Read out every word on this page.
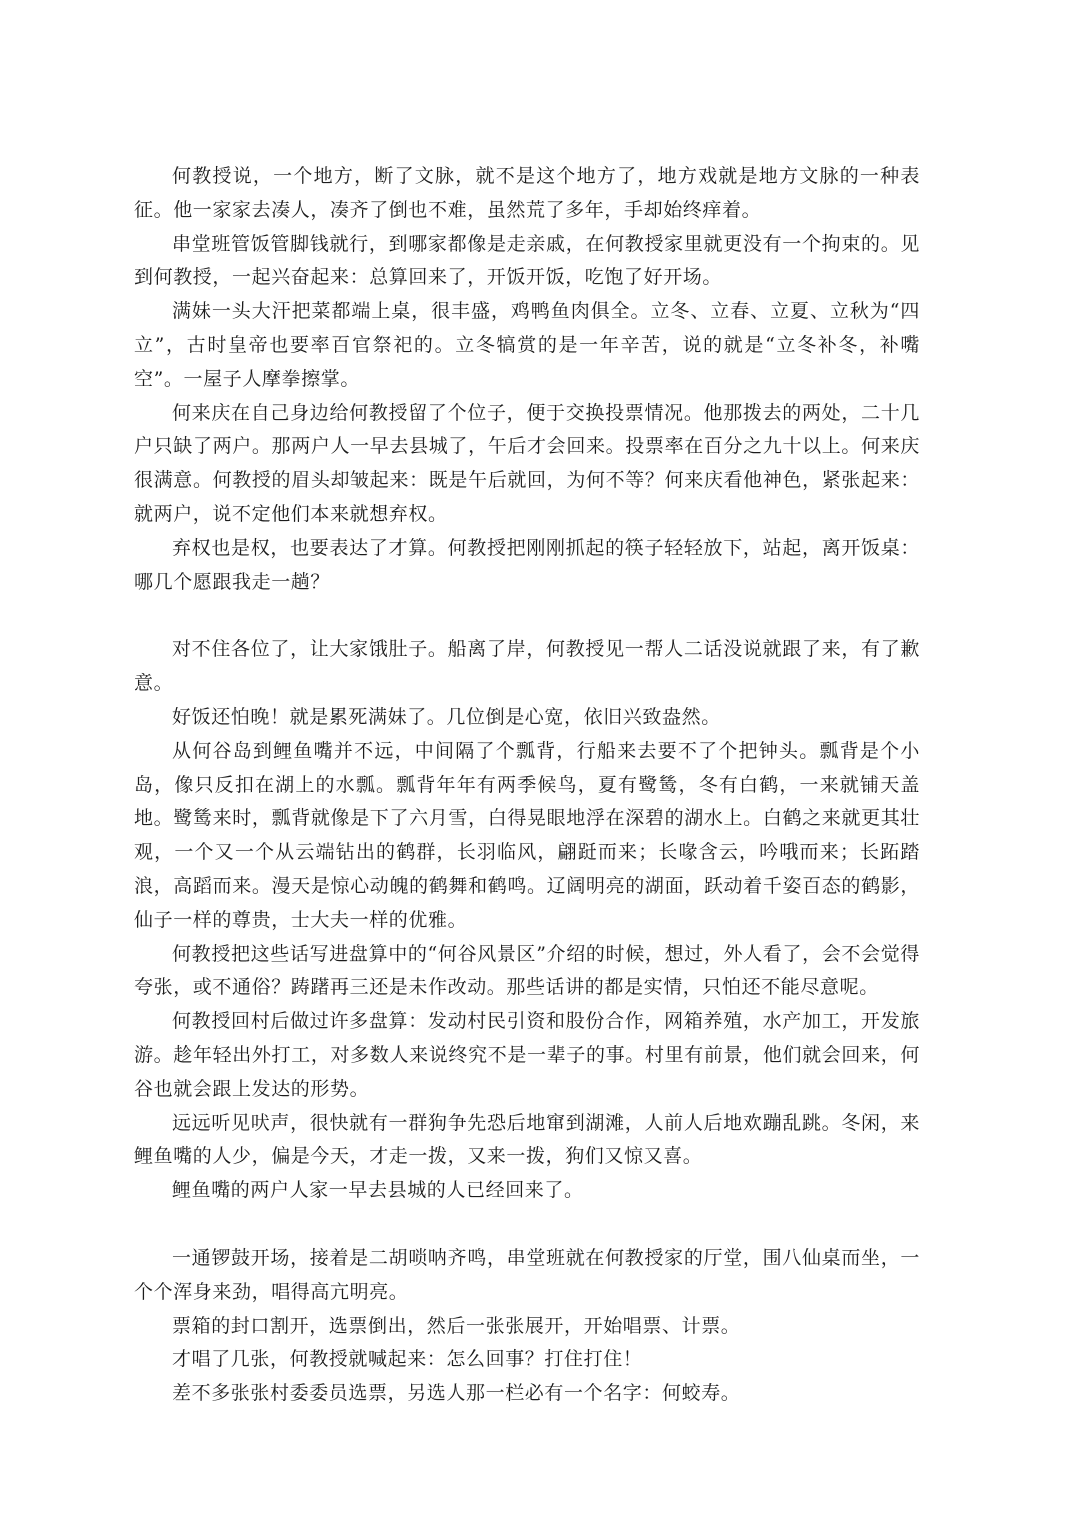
何教授说，一个地方，断了文脉，就不是这个地方了，地方戏就是地方文脉的一种表征。他一家家去凑人，凑齐了倒也不难，虽然荒了多年，手却始终痒着。

串堂班管饭管脚钱就行，到哪家都像是走亲戚，在何教授家里就更没有一个拘束的。见到何教授，一起兴奋起来：总算回来了，开饭开饭，吃饱了好开场。

满妹一头大汗把菜都端上桌，很丰盛，鸡鸭鱼肉俱全。立冬、立春、立夏、立秋为“四立”，古时皇帝也要率百官祭祀的。立冬犒赏的是一年辛苦，说的就是“立冬补冬，补嘴空”。一屋子人摩拳擦掌。

何来庆在自己身边给何教授留了个位子，便于交换投票情况。他那拨去的两处，二十几户只缺了两户。那两户人一早去县城了，午后才会回来。投票率在百分之九十以上。何来庆很满意。何教授的眉头却皱起来：既是午后就回，为何不等？何来庆看他神色，紧张起来：就两户，说不定他们本来就想弃权。

弃权也是权，也要表达了才算。何教授把刚刚抓起的筷子轻轻放下，站起，离开饭桌：哪几个愿跟我走一趟？

对不住各位了，让大家饿肚子。船离了岸，何教授见一帮人二话没说就跟了来，有了歉意。

好饭还怕晚！就是累死满妹了。几位倒是心宽，依旧兴致盎然。

从何谷岛到鲤鱼嘴并不远，中间隔了个瓢背，行船来去要不了个把钟头。瓢背是个小岛，像只反扣在湖上的水瓢。瓢背年年有两季候鸟，夏有鹭鸶，冬有白鹤，一来就铺天盖地。鹭鸶来时，瓢背就像是下了六月雪，白得晃眼地浮在深碧的湖水上。白鹤之来就更其壮观，一个又一个从云端钻出的鹤群，长羽临风，翩跹而来；长喙含云，吟哦而来；长跖踏浪，高蹈而来。漫天是惊心动魄的鹤舞和鹤鸣。辽阔明亮的湖面，跃动着千姿百态的鹤影，仙子一样的尊贵，士大夫一样的优雅。

何教授把这些话写进盘算中的“何谷风景区”介绍的时候，想过，外人看了，会不会觉得夸张，或不通俗？踌躇再三还是未作改动。那些话讲的都是实情，只怕还不能尽意呢。

何教授回村后做过许多盘算：发动村民引资和股份合作，网箱养殖，水产加工，开发旅游。趁年轻出外打工，对多数人来说终究不是一辈子的事。村里有前景，他们就会回来，何谷也就会跟上发达的形势。

远远听见吠声，很快就有一群狗争先恐后地窜到湖滩，人前人后地欢蹦乱跳。冬闲，来鲤鱼嘴的人少，偏是今天，才走一拨，又来一拨，狗们又惊又喜。

鲤鱼嘴的两户人家一早去县城的人已经回来了。

一通锣鼓开场，接着是二胡唢呐齐鸣，串堂班就在何教授家的厅堂，围八仙桌而坐，一个个浑身来劲，唱得高亢明亮。

票箱的封口割开，选票倒出，然后一张张展开，开始唱票、计票。

才唱了几张，何教授就喊起来：怎么回事？打住打住！

差不多张张村委委员选票，另选人那一栏必有一个名字：何蛟寿。
